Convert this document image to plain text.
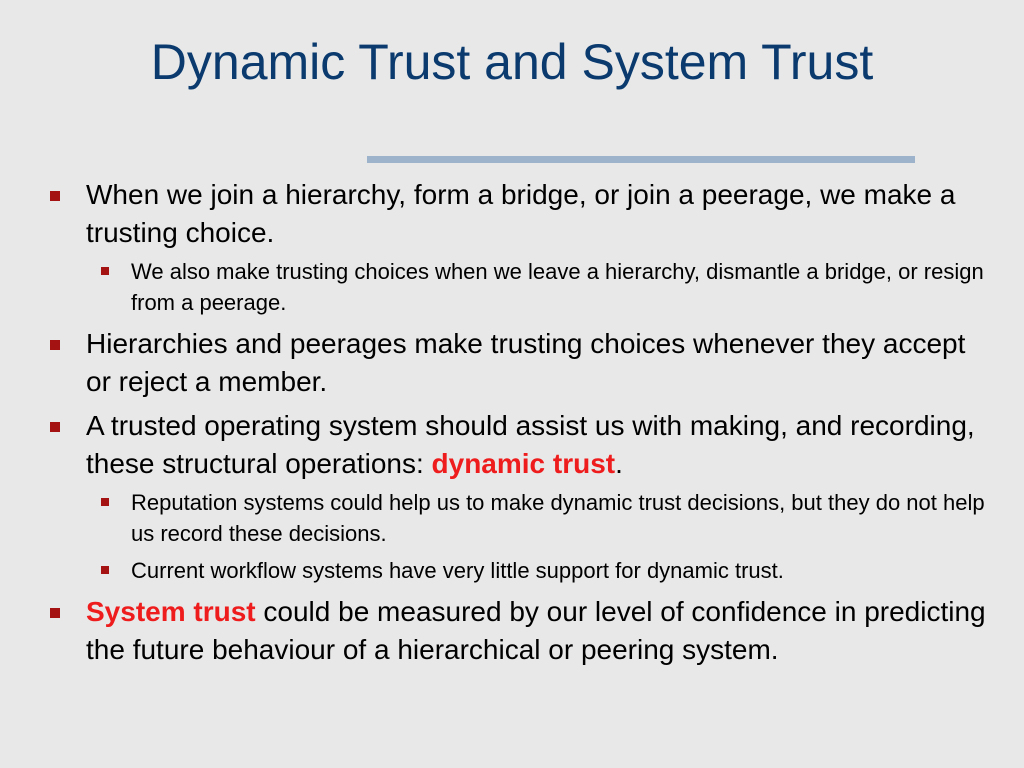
Dynamic Trust and System Trust
When we join a hierarchy, form a bridge, or join a peerage, we make a trusting choice.
We also make trusting choices when we leave a hierarchy, dismantle a bridge, or resign from a peerage.
Hierarchies and peerages make trusting choices whenever they accept or reject a member.
A trusted operating system should assist us with making, and recording, these structural operations: dynamic trust.
Reputation systems could help us to make dynamic trust decisions, but they do not help us record these decisions.
Current workflow systems have very little support for dynamic trust.
System trust could be measured by our level of confidence in predicting the future behaviour of a hierarchical or peering system.
